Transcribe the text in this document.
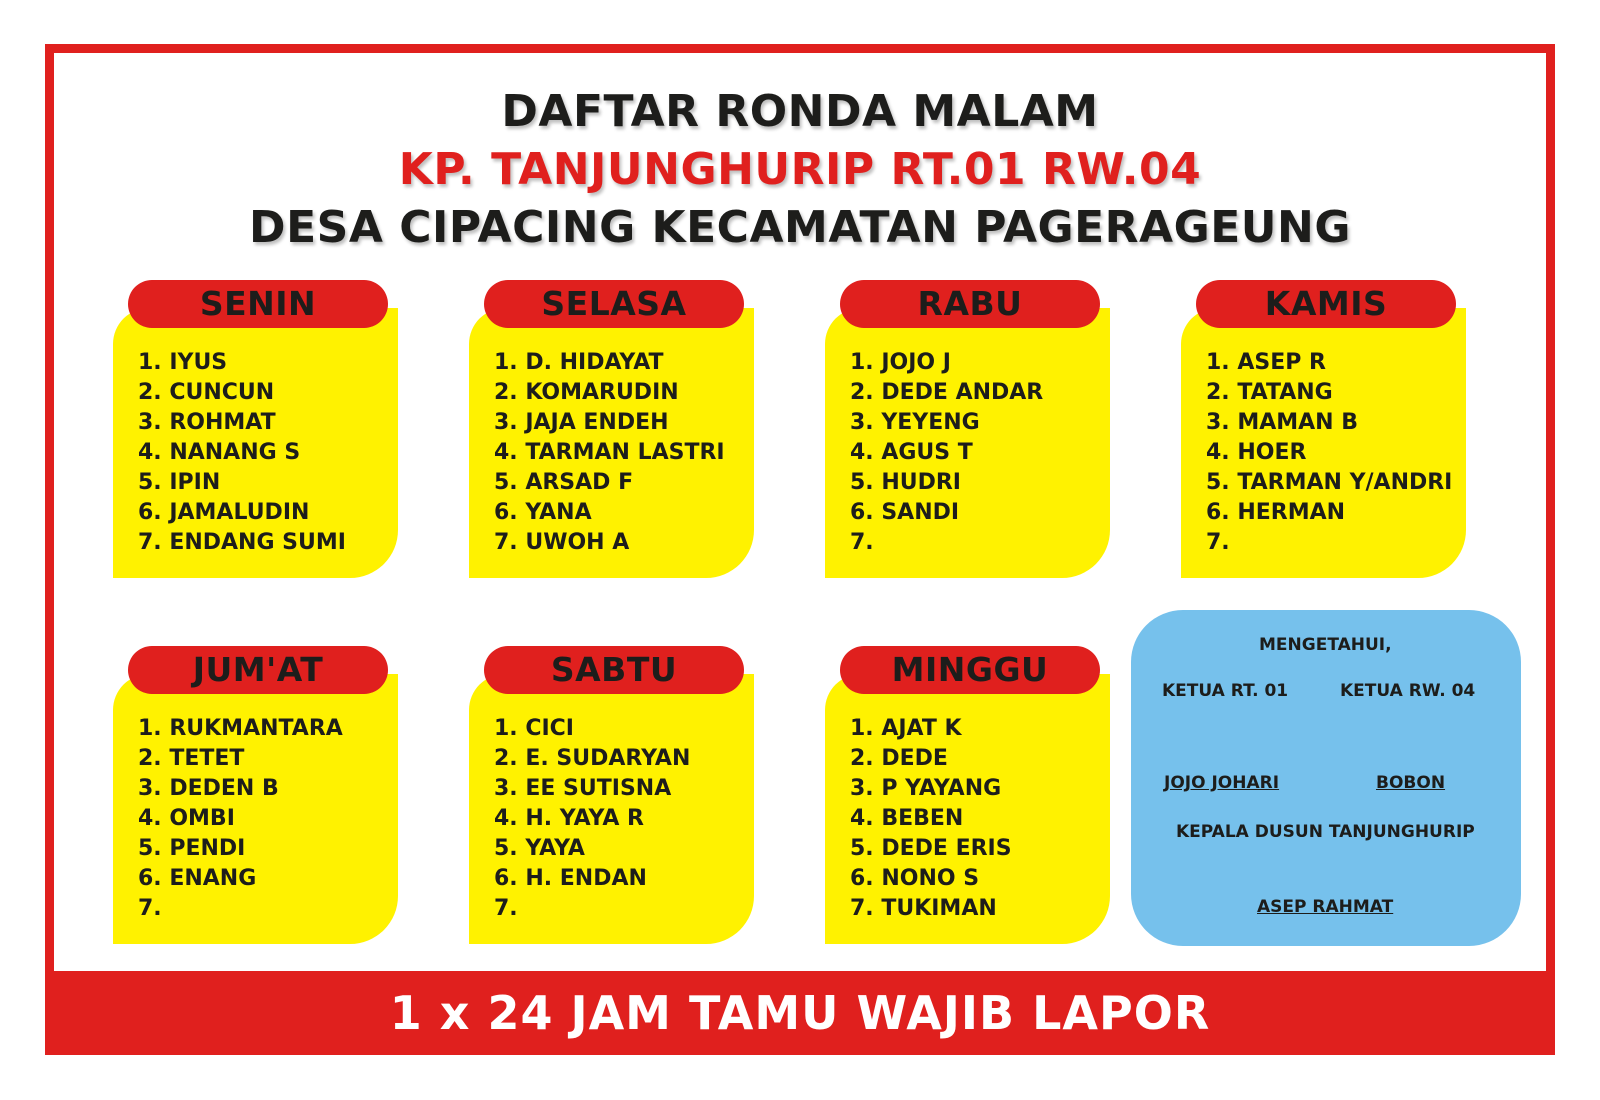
DAFTAR RONDA MALAM
KP. TANJUNGHURIP RT.01 RW.04
DESA CIPACING KECAMATAN PAGERAGEUNG
SENIN
1. IYUS
2. CUNCUN
3. ROHMAT
4. NANANG S
5. IPIN
6. JAMALUDIN
7. ENDANG SUMI
SELASA
1. D. HIDAYAT
2. KOMARUDIN
3. JAJA ENDEH
4. TARMAN LASTRI
5. ARSAD F
6. YANA
7. UWOH A
RABU
1. JOJO J
2. DEDE ANDAR
3. YEYENG
4. AGUS T
5. HUDRI
6. SANDI
7.
KAMIS
1. ASEP R
2. TATANG
3. MAMAN B
4. HOER
5. TARMAN Y/ANDRI
6. HERMAN
7.
JUM'AT
1. RUKMANTARA
2. TETET
3. DEDEN B
4. OMBI
5. PENDI
6. ENANG
7.
SABTU
1. CICI
2. E. SUDARYAN
3. EE SUTISNA
4. H. YAYA R
5. YAYA
6. H. ENDAN
7.
MINGGU
1. AJAT K
2. DEDE
3. P YAYANG
4. BEBEN
5. DEDE ERIS
6. NONO S
7. TUKIMAN
MENGETAHUI,
KETUA RT. 01	KETUA RW. 04
JOJO JOHARI	BOBON
KEPALA DUSUN TANJUNGHURIP
ASEP RAHMAT
1 x 24 JAM TAMU WAJIB LAPOR
